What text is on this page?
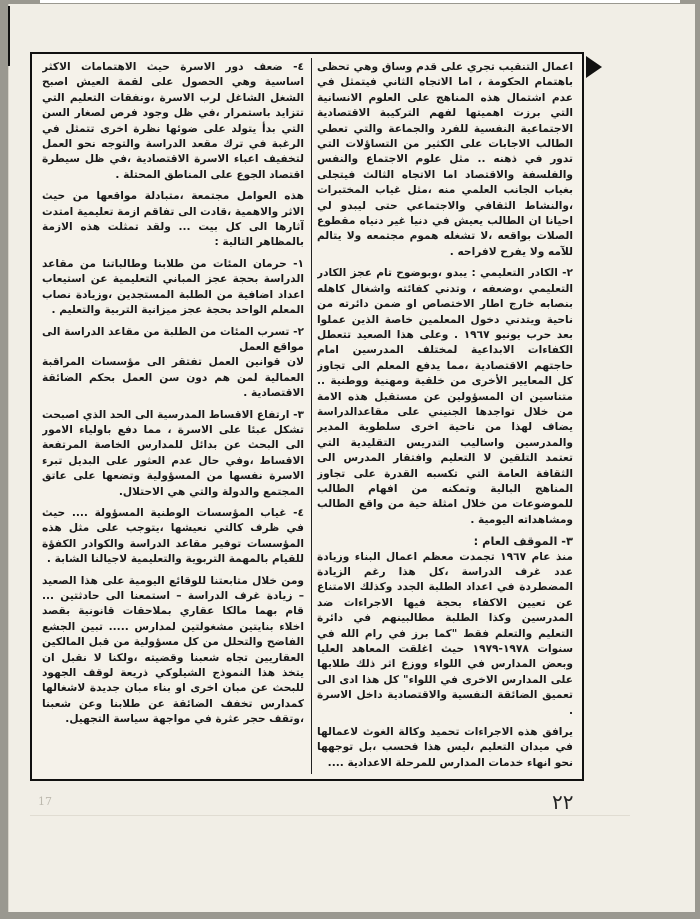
اعمال التنقيب تجري على قدم وساق وهي تحظى باهتمام الحكومة ، اما الاتجاه الثاني فيتمثل في عدم اشتمال هذه المناهج على العلوم الانسانية التي برزت اهميتها لفهم التركيبة الاقتصادية الاجتماعية النفسية للفرد والجماعة والتي تعطي الطالب الاجابات على الكثير من التساؤلات التي تدور في ذهنه .. مثل علوم الاجتماع والنفس والفلسفة والاقتصاد اما الاتجاه الثالث فيتجلى بغياب الجانب العلمي منه ،مثل غياب المختبرات ،والنشاط الثقافي والاجتماعي حتى ليبدو لي احيانا ان الطالب يعيش في دنيا غير دنياه مقطوع الصلات بواقعه ،لا تشغله هموم مجتمعه ولا يتالم للآمه ولا يفرح لافراحه .

٢- الكادر التعليمي : يبدو ،وبوضوح تام عجز الكادر التعليمي ،وضعفه ، وتدني كفائته واشغال كاهله بنصابه خارج اطار الاختصاص او ضمن دائرته من ناحية ويتدني دخول المعلمين خاصة الذين عملوا بعد حرب يونيو ١٩٦٧ . وعلى هذا الصعيد تتعطل الكفاءات الابداعية لمختلف المدرسين امام حاجتهم الاقتصادية ،مما يدفع المعلم الى تجاوز كل المعايير الأخرى من خلقية ومهنية ووطنية .. متناسين ان المسؤولين عن مستقبل هذه الامة من خلال تواجدها الجنيني على مقاعدالدراسة يضاف لهذا من ناحية اخرى سلطوية المدير والمدرسين واساليب التدريس التقليدية التي تعتمد التلقين لا التعليم وافتقار المدرس الى الثقافة العامة التي تكسبه القدرة على تجاوز المناهج البالية وتمكنه من افهام الطالب للموضوعات من خلال امثلة حية من واقع الطالب ومشاهداته اليومية .

٣- الموقف العام :

منذ عام ١٩٦٧ تجمدت معظم اعمال البناء وزيادة عدد غرف الدراسة ،كل هذا رغم الزيادة المضطردة في اعداد الطلبة الجدد وكذلك الامتناع عن تعيين الاكفاء بحجة فيها الاجراءات ضد المدرسين وكذا الطلبة مطالبينهم في دائرة التعليم والتعلم فقط "كما برز في رام الله في سنوات ١٩٧٨-١٩٧٩ حيث اغلقت المعاهد العليا وبعض المدارس في اللواء ووزع اثر ذلك طلابها على المدارس الاخرى في اللواء" كل هذا ادى الى تعميق الضائقة النفسية والاقتصادية داخل الاسرة .

يرافق هذه الاجراءات تحميد وكالة الغوث لاعمالها في ميدان التعليم ،ليس هذا فحسب ،بل توجهها نحو انهاء خدمات المدارس للمرحلة الاعدادية ....

٤- ضعف دور الاسرة حيث الاهتمامات الاكثر اساسية وهي الحصول على لقمة العيش اصبح الشغل الشاغل لرب الاسرة ،ونفقات التعليم التي تتزايد باستمرار ،في ظل وجود فرص لصغار السن التي بدأ يتولد على ضوئها نظرة اخرى تتمثل في الرغبة في ترك مقعد الدراسة والتوجه نحو العمل لتخفيف اعباء الاسرة الاقتصادية ،في ظل سيطرة اقتصاد الجوع على المناطق المحتلة .

هذه العوامل مجتمعة ،متبادلة مواقعها من حيث الاثر والاهمية ،قادت الى تفاقم ازمة تعليمية امتدت آثارها الى كل بيت ... ولقد تمثلت هذه الازمة بالمظاهر التالية :

١- حرمان المئات من طلابنا وطالباتنا من مقاعد الدراسة بحجة عجز المباني التعليمية عن استيعاب اعداد اضافية من الطلبة المستجدين ،وزيادة نصاب المعلم الواحد بحجة عجز ميزانية التربية والتعليم .

٢- تسرب المئات من الطلبة من مقاعد الدراسة الى مواقع العمل

لان قوانين العمل تفتقر الى مؤسسات المراقبة العمالية لمن هم دون سن العمل بحكم الضائقة الاقتصادية .

٣- ارتفاع الاقساط المدرسية الى الحد الذي اصبحت تشكل عبئا على الاسرة ، مما دفع باولياء الامور الى البحث عن بدائل للمدارس الخاصة المرتفعة الاقساط ،وفي حال عدم العثور على البديل تبرء الاسرة نفسها من المسؤولية وتضعها على عاتق المجتمع والدولة والتي هي الاحتلال.

٤- غياب المؤسسات الوطنية المسؤولة .... حيث في ظرف كالتي نعيشها ،يتوجب على مثل هذه المؤسسات توفير مقاعد الدراسة والكوادر الكفؤة للقيام بالمهمة التربوية والتعليمية لاجيالنا الشابة .

ومن خلال متابعتنا للوقائع اليومية على هذا الصعيد – زيادة غرف الدراسة – استمعنا الى حادثتين ... قام بهما مالكا عقاري بملاحقات قانونية بقصد اخلاء بنايتين مشغولتين لمدارس ..... تبين الجشع الفاضح والتحلل من كل مسؤولية من قبل المالكين العقاريين تجاه شعبنا وقضيته ،ولكنا لا نقبل ان يتخذ هذا النموذج الشيلوكي ذريعة لوقف الجهود للبحث عن مبان اخرى او بناء مبان جديدة لاشغالها كمدارس تخفف الضائقة عن طلابنا وعن شعبنا ،وتقف حجر عثرة في مواجهة سياسة التجهيل.

٢٢
17
